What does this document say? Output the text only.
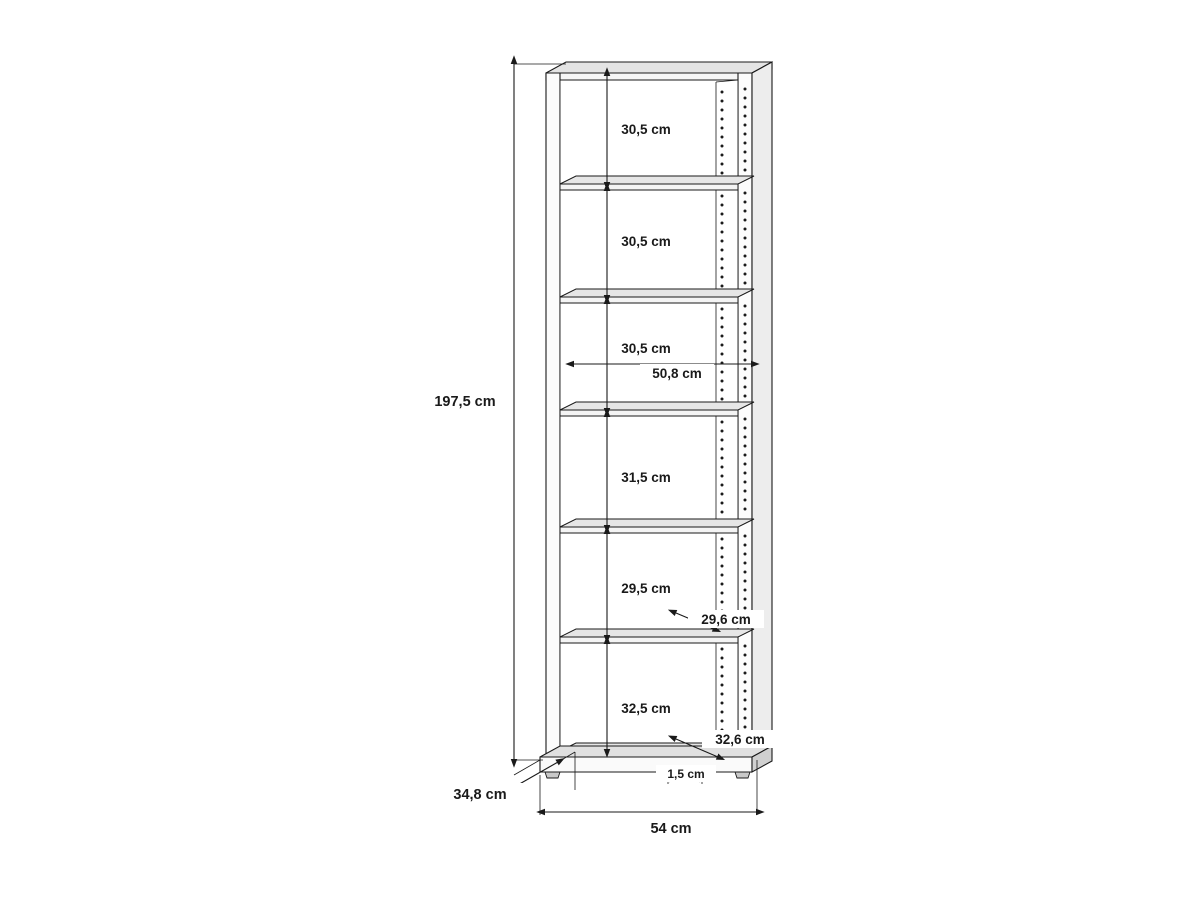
197,5 cm
34,8 cm
54 cm
30,5 cm
30,5 cm
30,5 cm
31,5 cm
29,5 cm
32,5 cm
50,8 cm
29,6 cm
32,6 cm
1,5 cm
